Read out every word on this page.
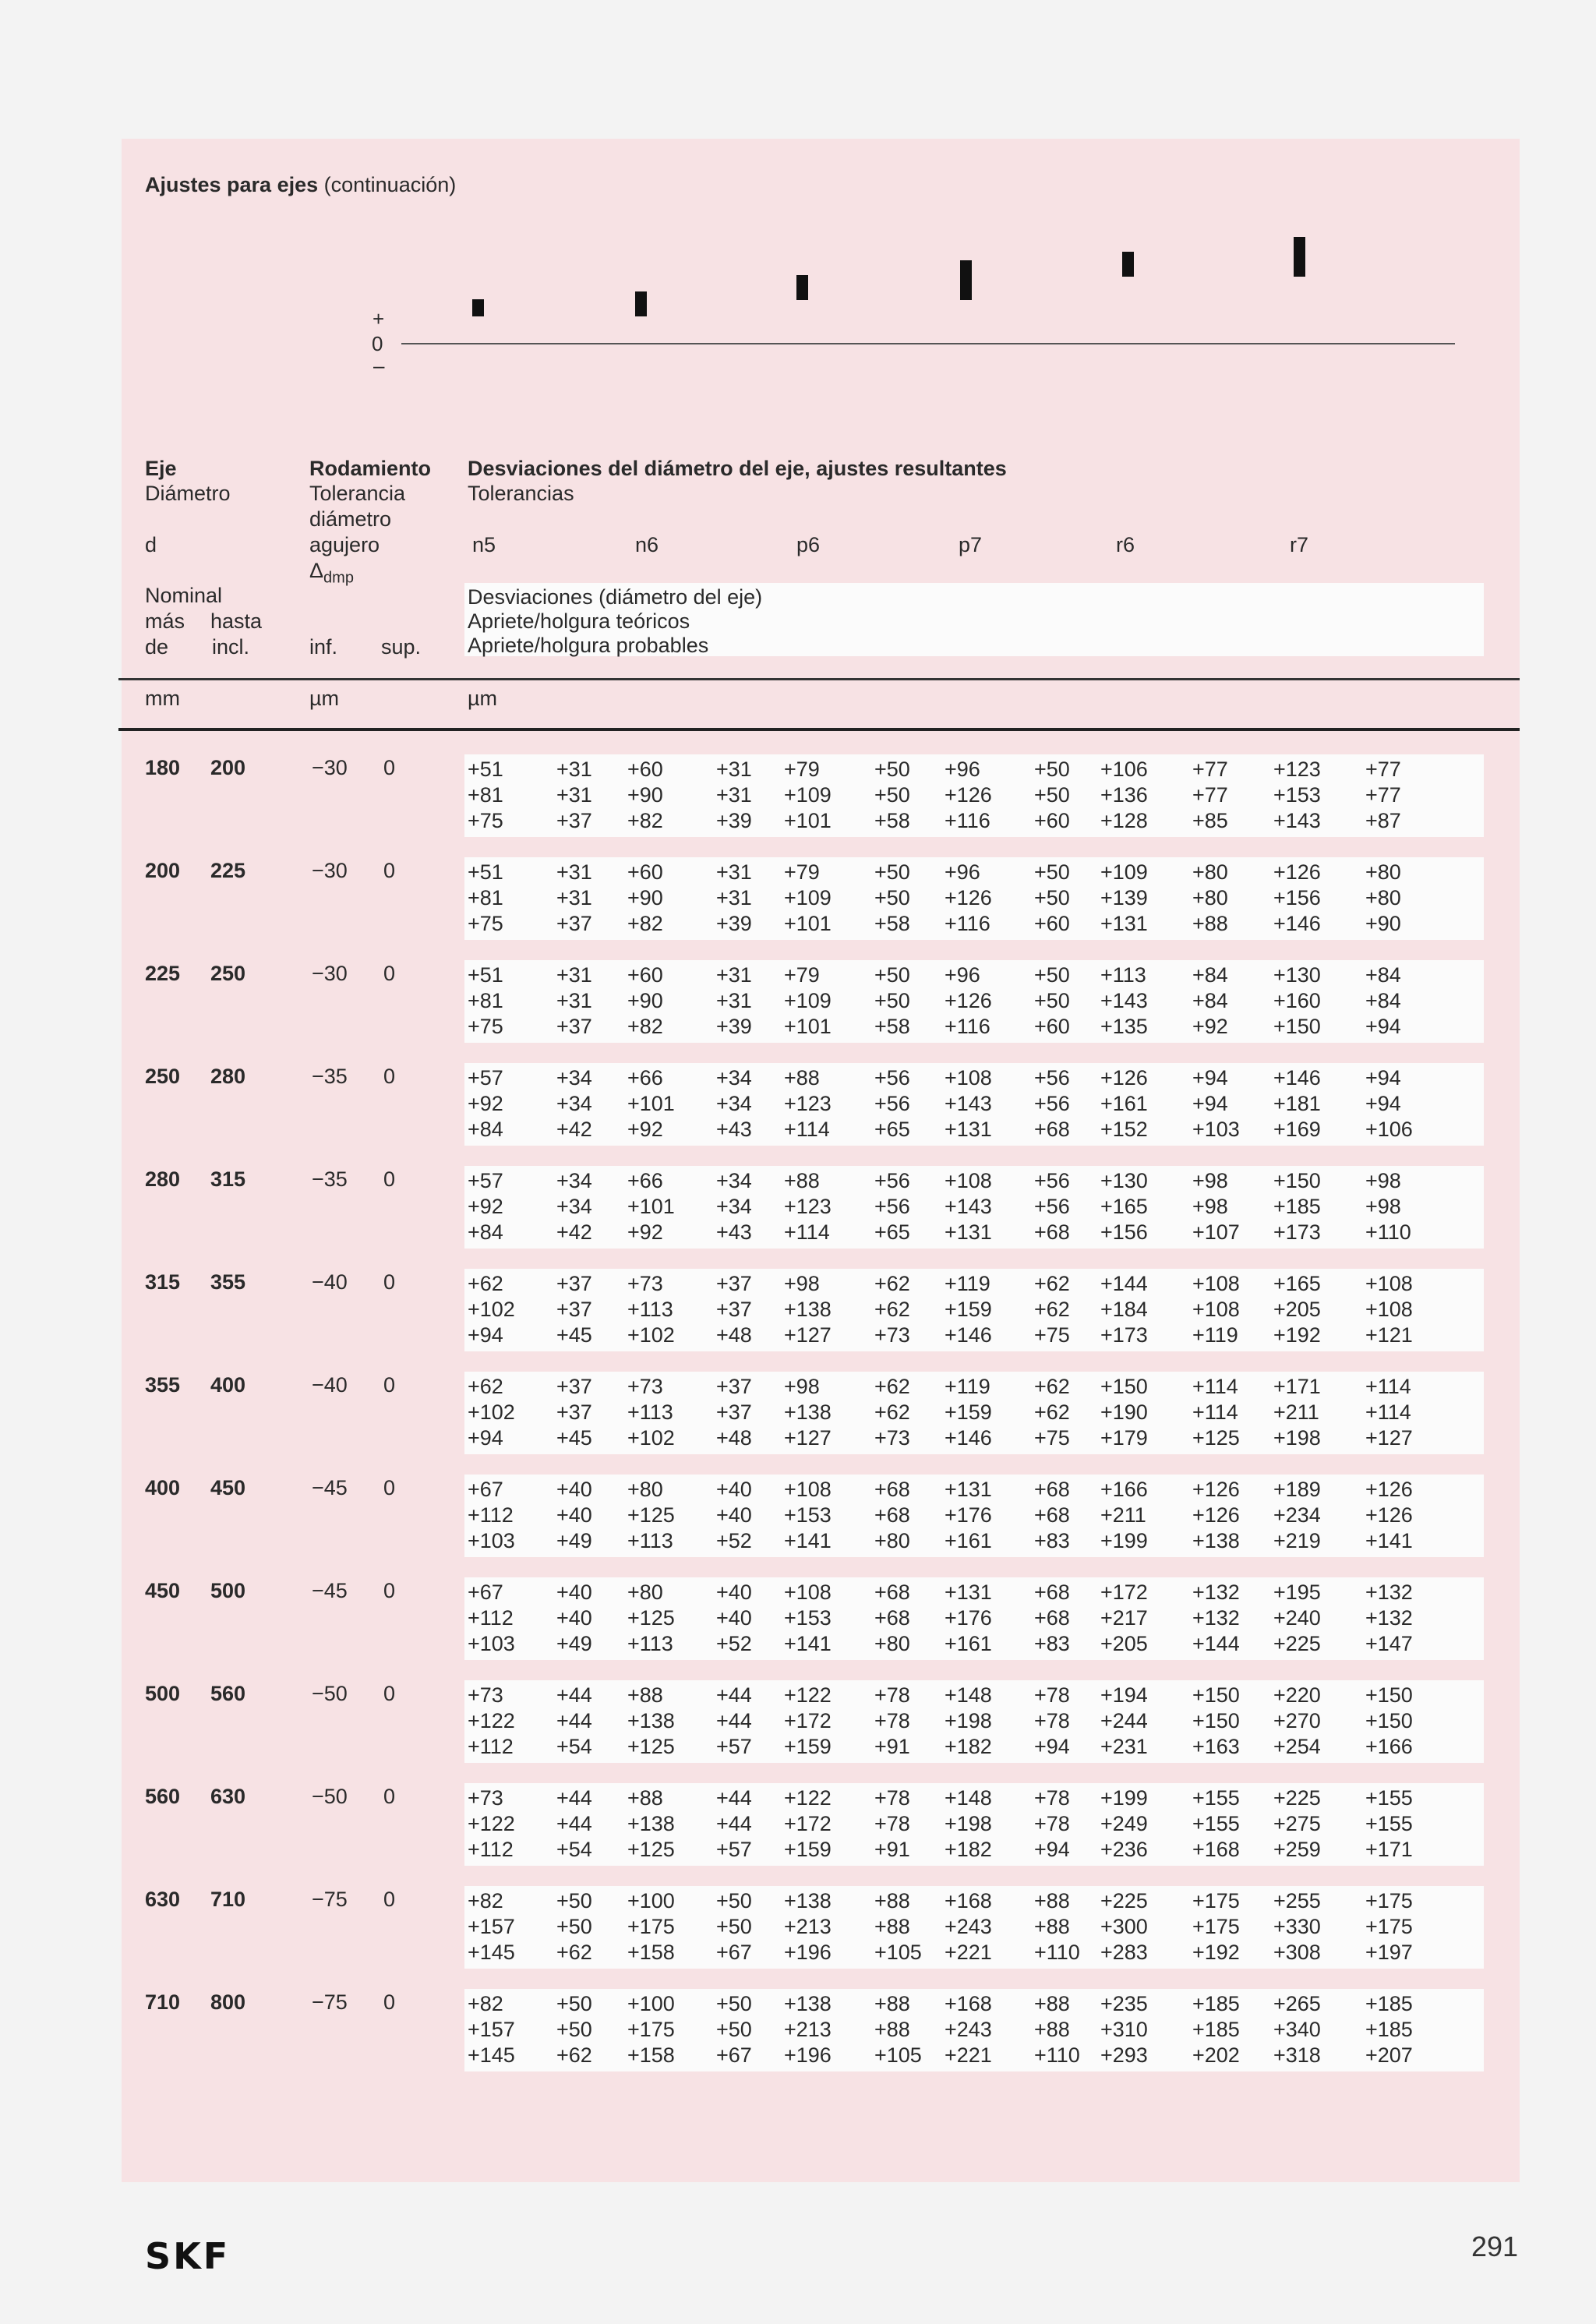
Ajustes para ejes (continuación)
+
0
–
Eje
Diámetro
d
Nominal
más hasta
de incl.
Rodamiento
Tolerancia
diámetro
agujero
$\Delta_{dmp}$
inf. sup.
Desviaciones del diámetro del eje, ajustes resultantes
Tolerancias
n5	n6	p6	p7	r6	r7
Desviaciones (diámetro del eje)
Apriete/holgura teóricos
Apriete/holgura probables
mm	µm	µm
180 200	−30 0	+51	+31 +60	+31 +79	+50 +96	+50 +106 +77 +123 +77
+81	+31 +90	+31 +109 +50 +126 +50 +136 +77 +153 +77
+75	+37 +82	+39 +101 +58 +116 +60 +128 +85 +143 +87
200 225	−30 0	+51	+31 +60	+31 +79	+50 +96	+50 +109 +80 +126 +80
+81	+31 +90	+31 +109 +50 +126 +50 +139 +80 +156 +80
+75	+37 +82	+39 +101 +58 +116 +60 +131 +88 +146 +90
225 250	−30 0	+51	+31 +60	+31 +79	+50 +96	+50 +113 +84 +130 +84
+81	+31 +90	+31 +109 +50 +126 +50 +143 +84 +160 +84
+75	+37 +82	+39 +101 +58 +116 +60 +135 +92 +150 +94
250 280	−35 0	+57	+34 +66	+34 +88	+56 +108 +56 +126 +94 +146 +94
+92	+34 +101 +34 +123 +56 +143 +56 +161 +94 +181 +94
+84	+42 +92	+43 +114 +65 +131 +68 +152 +103 +169 +106
280 315	−35 0	+57	+34 +66	+34 +88	+56 +108 +56 +130 +98 +150 +98
+92	+34 +101 +34 +123 +56 +143 +56 +165 +98 +185 +98
+84	+42 +92	+43 +114 +65 +131 +68 +156 +107 +173 +110
315 355	−40 0	+62	+37 +73	+37 +98	+62 +119 +62 +144 +108 +165 +108
+102 +37 +113 +37 +138 +62 +159 +62 +184 +108 +205 +108
+94	+45 +102 +48 +127 +73 +146 +75 +173 +119 +192 +121
355 400	−40 0	+62	+37 +73	+37 +98	+62 +119 +62 +150 +114 +171 +114
+102 +37 +113 +37 +138 +62 +159 +62 +190 +114 +211 +114
+94	+45 +102 +48 +127 +73 +146 +75 +179 +125 +198 +127
400 450	−45 0	+67	+40 +80	+40 +108 +68 +131 +68 +166 +126 +189 +126
+112 +40 +125 +40 +153 +68 +176 +68 +211 +126 +234 +126
+103 +49 +113 +52 +141 +80 +161 +83 +199 +138 +219 +141
450 500	−45 0	+67	+40 +80	+40 +108 +68 +131 +68 +172 +132 +195 +132
+112 +40 +125 +40 +153 +68 +176 +68 +217 +132 +240 +132
+103 +49 +113 +52 +141 +80 +161 +83 +205 +144 +225 +147
500 560	−50 0	+73	+44 +88	+44 +122 +78 +148 +78 +194 +150 +220 +150
+122 +44 +138 +44 +172 +78 +198 +78 +244 +150 +270 +150
+112 +54 +125 +57 +159 +91 +182 +94 +231 +163 +254 +166
560 630	−50 0	+73	+44 +88	+44 +122 +78 +148 +78 +199 +155 +225 +155
+122 +44 +138 +44 +172 +78 +198 +78 +249 +155 +275 +155
+112 +54 +125 +57 +159 +91 +182 +94 +236 +168 +259 +171
630 710	−75 0	+82	+50 +100 +50 +138 +88 +168 +88 +225 +175 +255 +175
+157 +50 +175 +50 +213 +88 +243 +88 +300 +175 +330 +175
+145 +62 +158 +67 +196 +105 +221 +110 +283 +192 +308 +197
710 800	−75 0	+82	+50 +100 +50 +138 +88 +168 +88 +235 +185 +265 +185
+157 +50 +175 +50 +213 +88 +243 +88 +310 +185 +340 +185
+145 +62 +158 +67 +196 +105 +221 +110 +293 +202 +318 +207
SKF	291
